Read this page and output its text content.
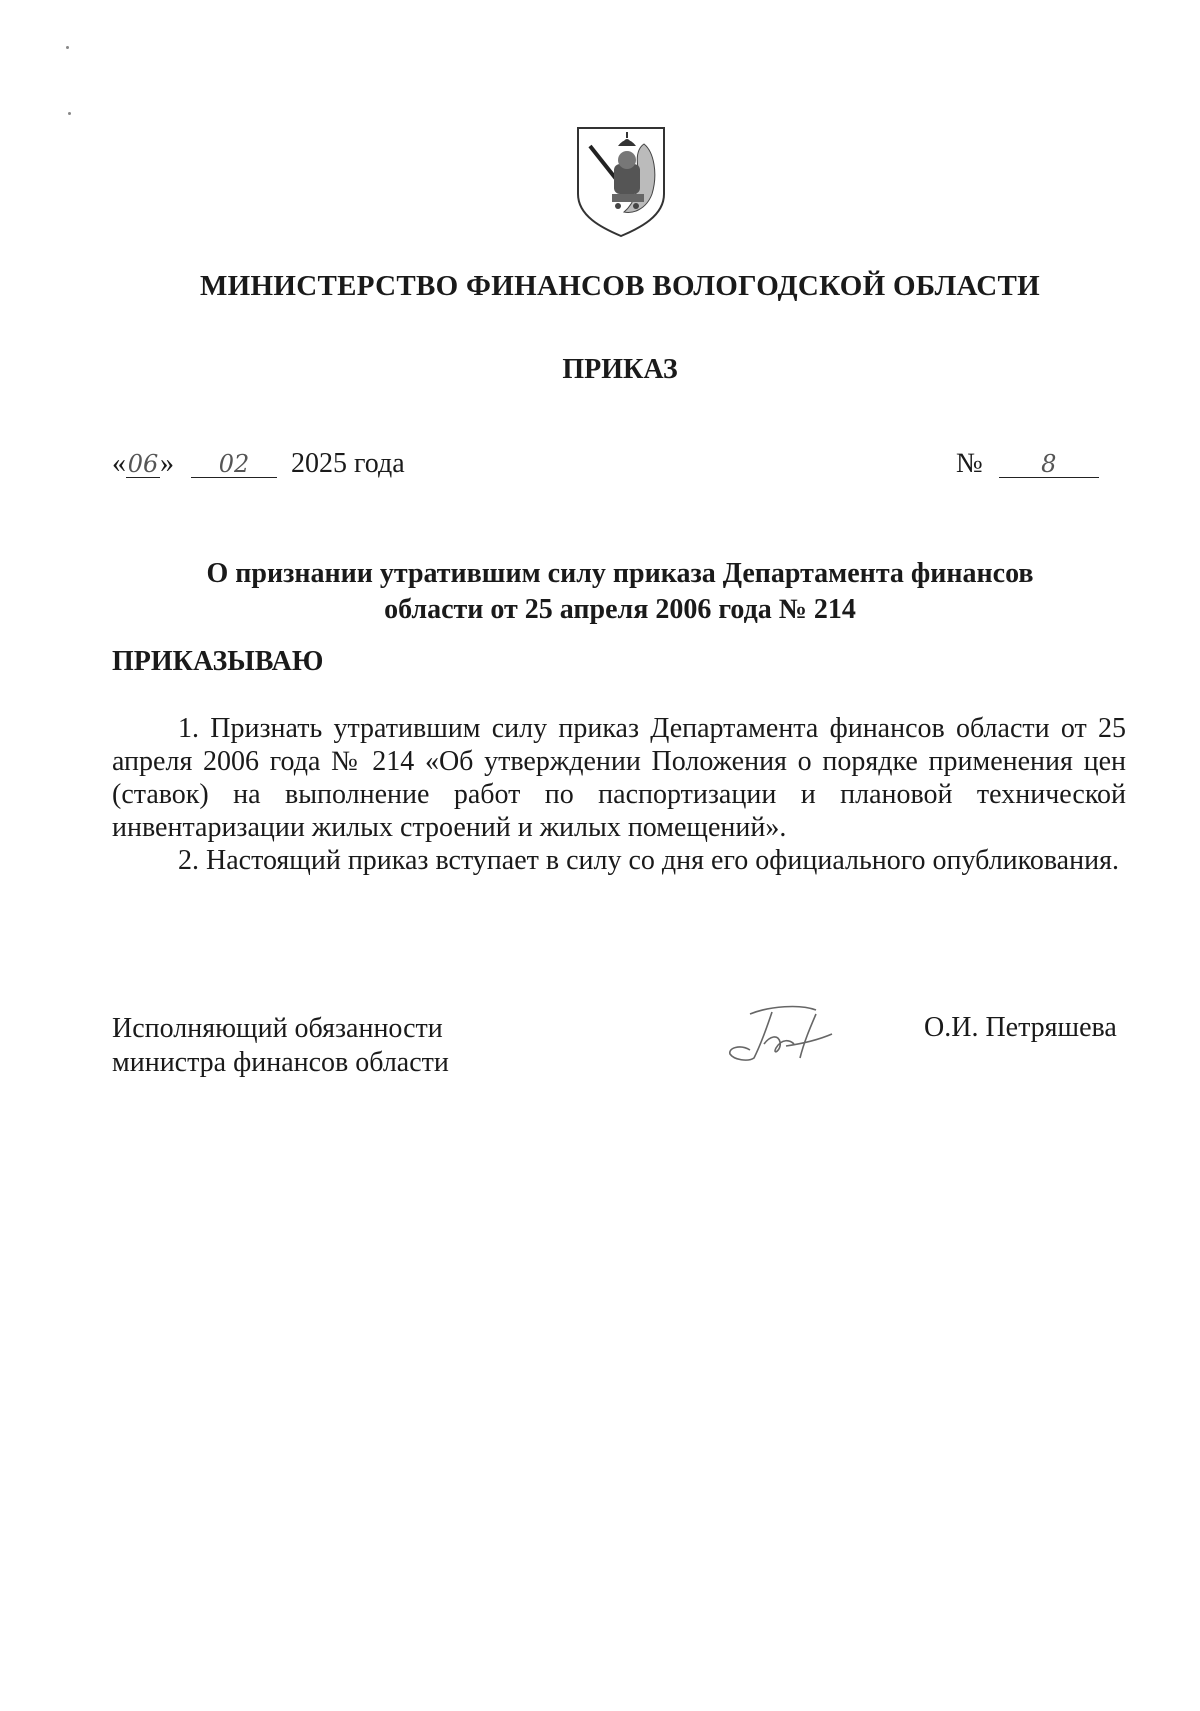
МИНИСТЕРСТВО ФИНАНСОВ ВОЛОГОДСКОЙ ОБЛАСТИ
ПРИКАЗ
«06» 02 2025 года	№ 8
О признании утратившим силу приказа Департамента финансов
области от 25 апреля 2006 года № 214
ПРИКАЗЫВАЮ

1. Признать утратившим силу приказ Департамента финансов области от 25 апреля 2006 года № 214 «Об утверждении Положения о порядке применения цен (ставок) на выполнение работ по паспортизации и плановой технической инвентаризации жилых строений и жилых помещений».

2. Настоящий приказ вступает в силу со дня его официального опубликования.

Исполняющий обязанности
министра финансов области
О.И. Петряшева
